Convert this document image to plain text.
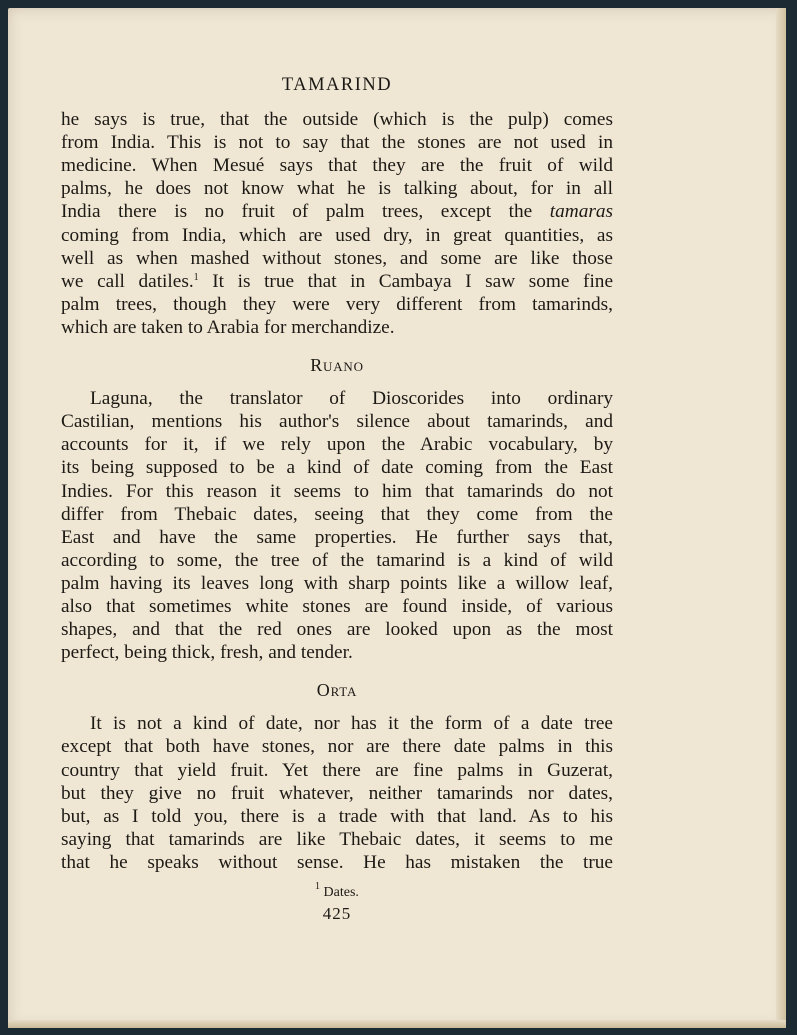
TAMARIND
he says is true, that the outside (which is the pulp) comes
from India. This is not to say that the stones are not used in
medicine. When Mesué says that they are the fruit of wild
palms, he does not know what he is talking about, for in all
India there is no fruit of palm trees, except the tamaras
coming from India, which are used dry, in great quantities, as
well as when mashed without stones, and some are like those
we call datiles.$^1$ It is true that in Cambaya I saw some fine
palm trees, though they were very different from tamarinds,
which are taken to Arabia for merchandize.
Ruano
Laguna, the translator of Dioscorides into ordinary
Castilian, mentions his author's silence about tamarinds, and
accounts for it, if we rely upon the Arabic vocabulary, by
its being supposed to be a kind of date coming from the East
Indies. For this reason it seems to him that tamarinds do not
differ from Thebaic dates, seeing that they come from the
East and have the same properties. He further says that,
according to some, the tree of the tamarind is a kind of wild
palm having its leaves long with sharp points like a willow leaf,
also that sometimes white stones are found inside, of various
shapes, and that the red ones are looked upon as the most
perfect, being thick, fresh, and tender.
Orta
It is not a kind of date, nor has it the form of a date tree
except that both have stones, nor are there date palms in this
country that yield fruit. Yet there are fine palms in Guzerat,
but they give no fruit whatever, neither tamarinds nor dates,
but, as I told you, there is a trade with that land. As to his
saying that tamarinds are like Thebaic dates, it seems to me
that he speaks without sense. He has mistaken the true
$^1$ Dates.
425
